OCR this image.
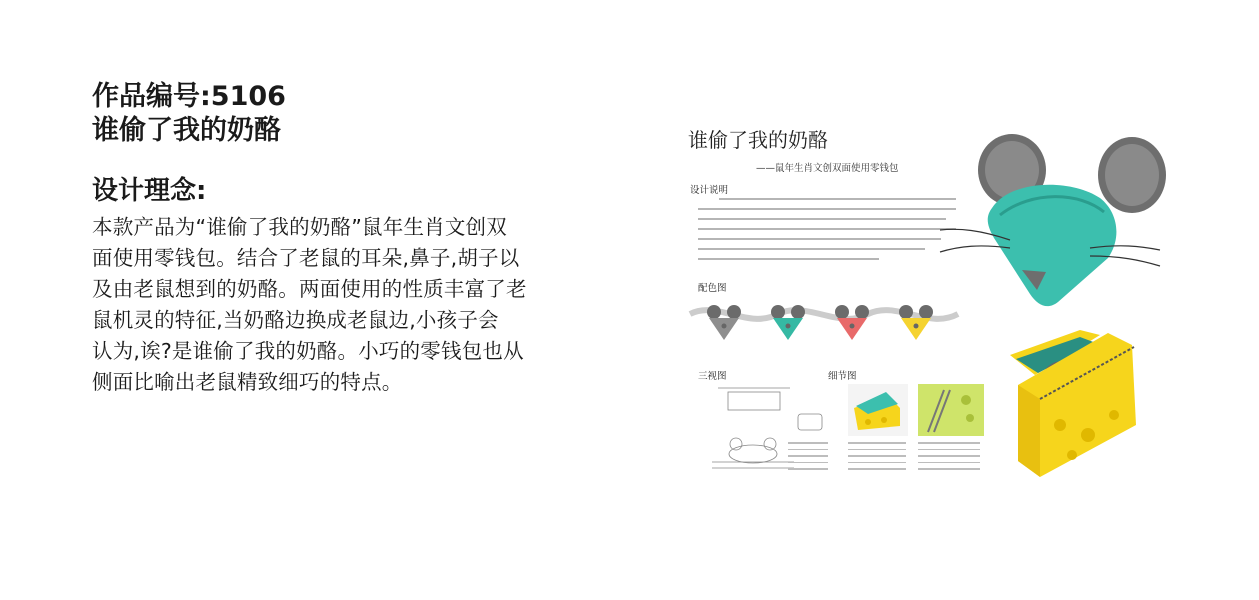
作品编号:5106
谁偷了我的奶酪
设计理念:
本款产品为“谁偷了我的奶酪”鼠年生肖文创双
面使用零钱包。结合了老鼠的耳朵,鼻子,胡子以
及由老鼠想到的奶酪。两面使用的性质丰富了老
鼠机灵的特征,当奶酪边换成老鼠边,小孩子会
认为,诶?是谁偷了我的奶酪。小巧的零钱包也从
侧面比喻出老鼠精致细巧的特点。
谁偷了我的奶酪
——鼠年生肖文创双面使用零钱包
设计说明
配色图
三视图	细节图
